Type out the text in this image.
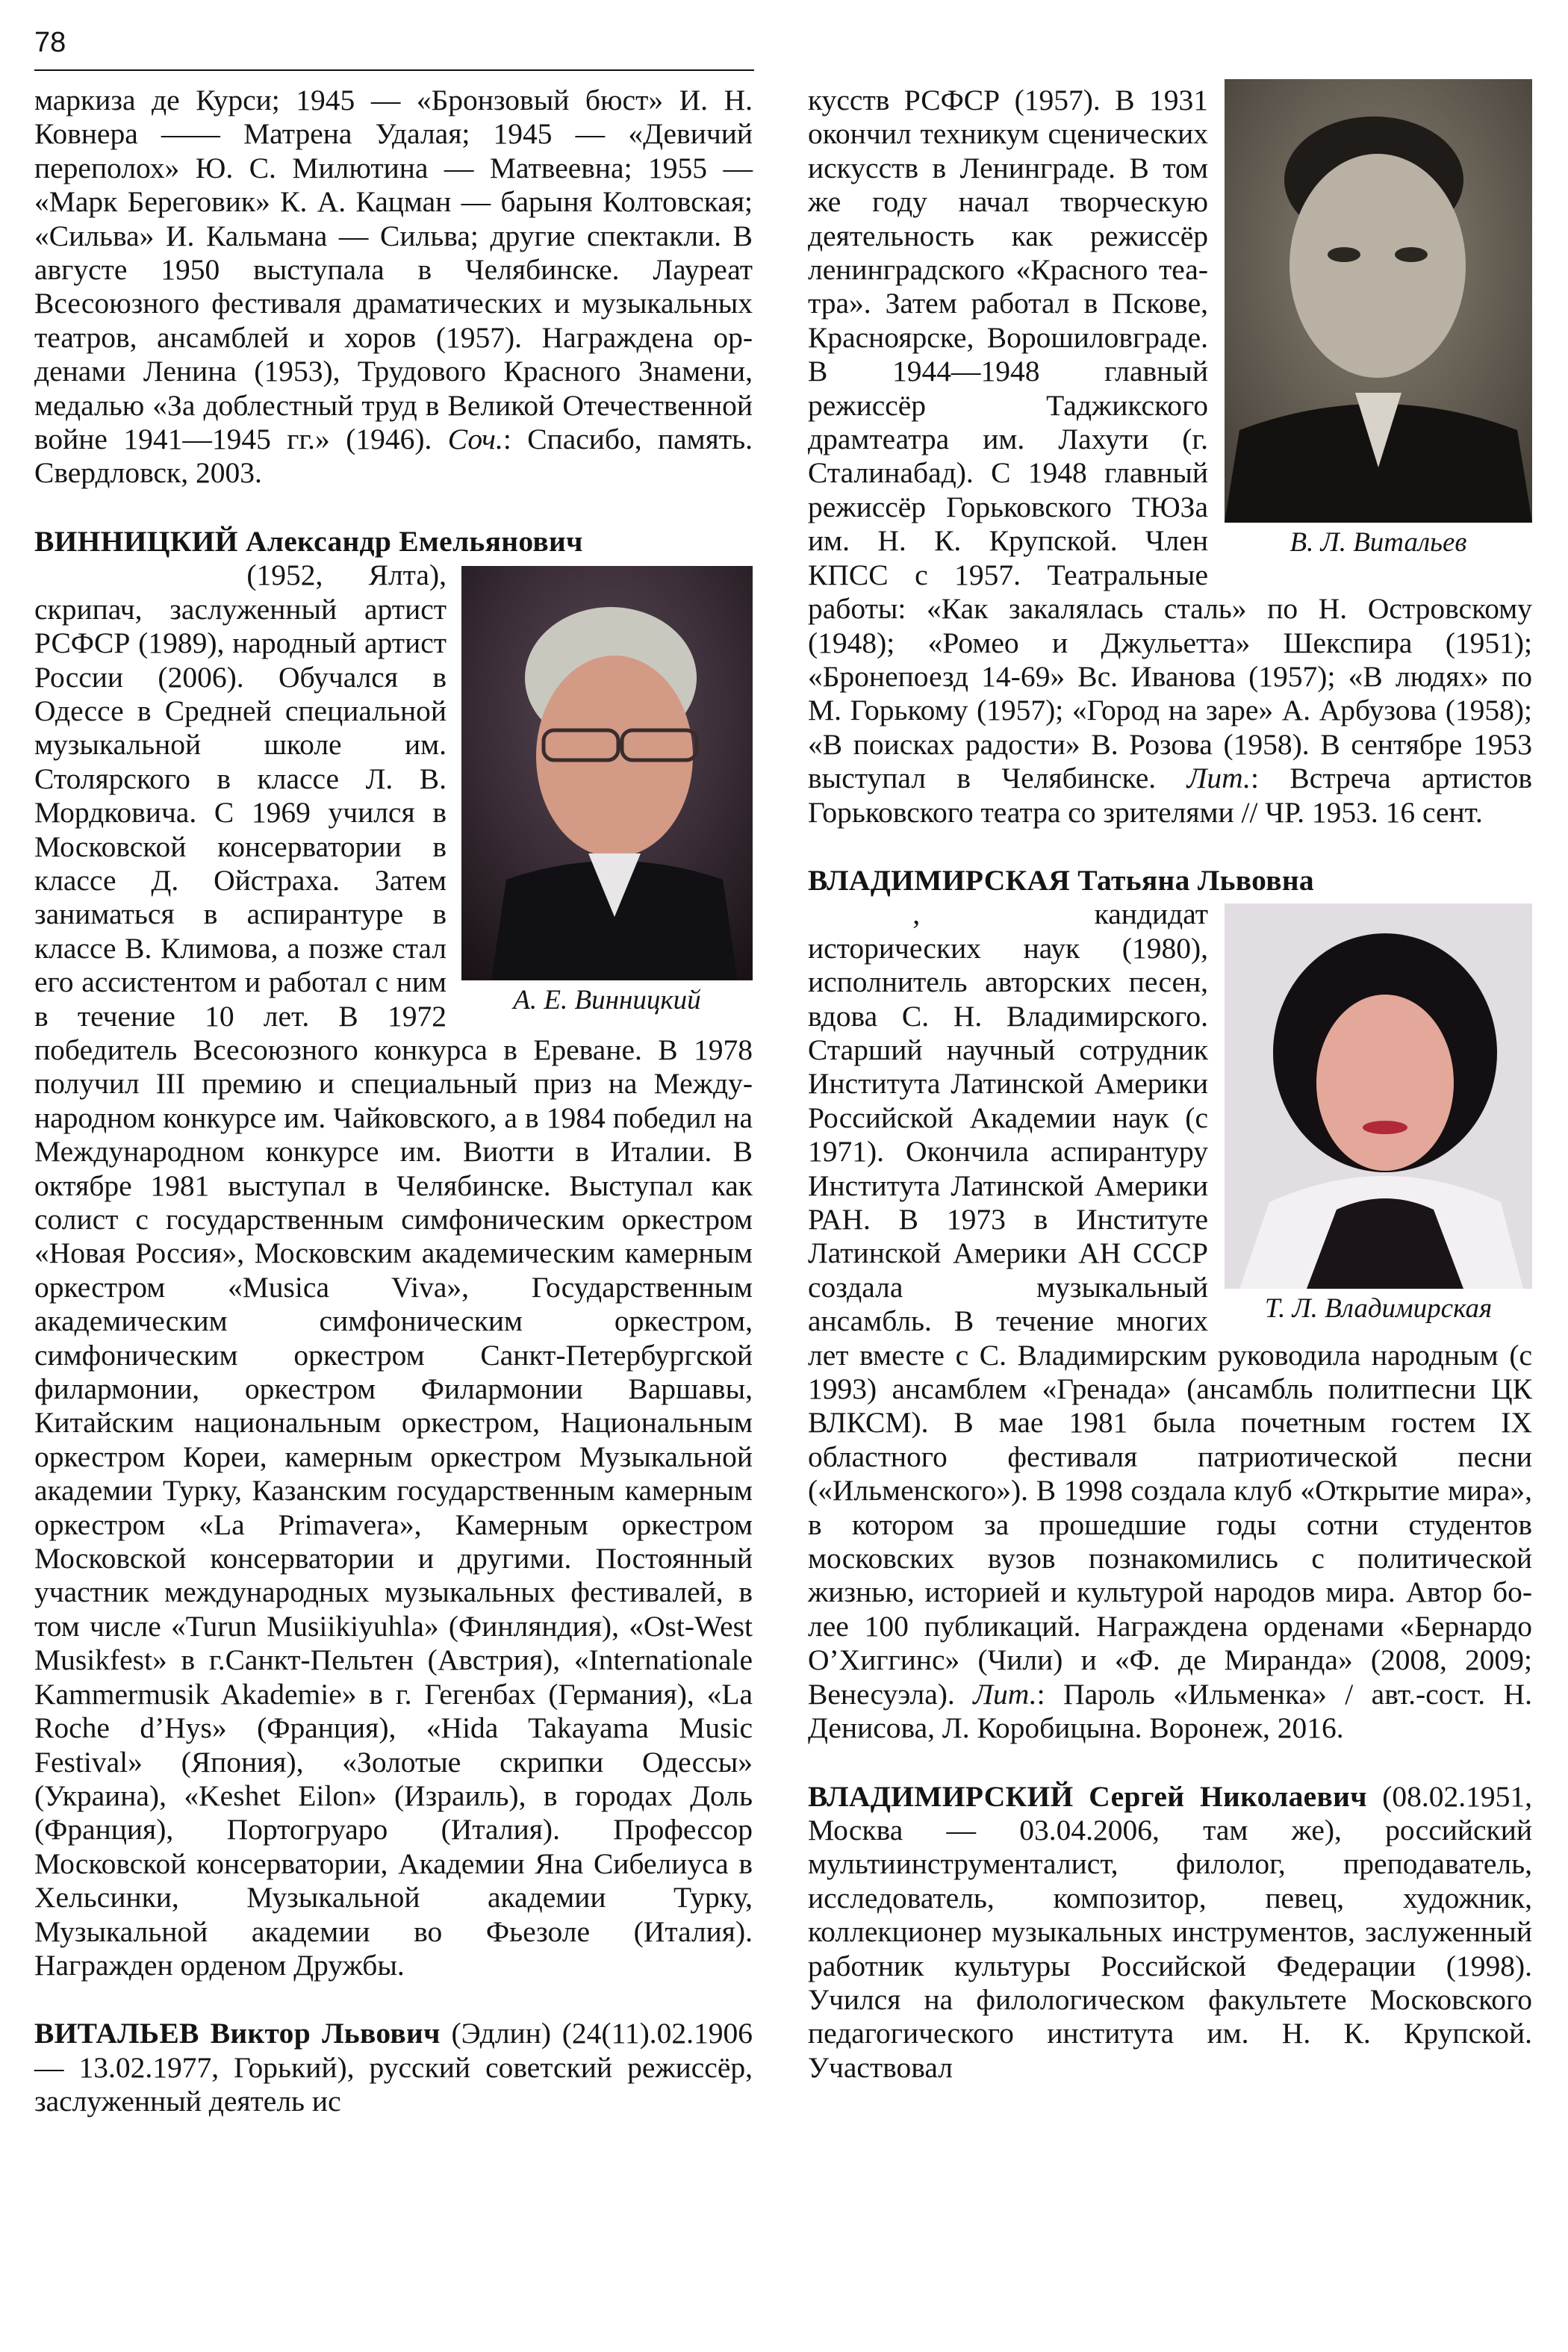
78

маркиза де Курси; 1945 — «Бронзовый бюст» И. Н. Ковнера —— Матрена Удалая; 1945 — «Девичий переполох» Ю. С. Милютина — Матвеевна; 1955 — «Марк Береговик» К. А. Кацман — барыня Колтовская; «Сильва» И. Кальмана — Сильва; другие спектакли. В августе 1950 выступала в Челябинске. Лауреат Всесоюзного фестиваля драматических и музыкальных театров, ансамблей и хоров (1957). Награждена орденами Ленина (1953), Трудового Красного Знамени, медалью «За доблестный труд в Великой Отечественной войне 1941—1945 гг.» (1946). Соч.: Спасибо, память. Свердловск, 2003.

ВИННИЦКИЙ Александр Емельянович

А. Е. Винницкий

(1952, Ялта), скрипач, заслуженный артист РСФСР (1989), народный артист России (2006). Обучался в Одессе в Средней специальной музыкальной школе им. Столярского в классе Л. В. Мордковича. С 1969 учился в Московской консерватории в классе Д. Ойстраха. Затем заниматься в аспирантуре в классе В. Климова, а позже стал его ассистентом и работал с ним в течение 10 лет. В 1972 победитель Всесоюзного конкурса в Ереване. В 1978 получил III премию и специальный приз на Международном конкурсе им. Чайковского, а в 1984 победил на Международном конкурсе им. Виотти в Италии. В октябре 1981 выступал в Челябинске. Выступал как солист с государственным симфоническим оркестром «Новая Россия», Московским академическим камерным оркестром «Musica Viva», Государственным академическим симфоническим оркестром, симфоническим оркестром Санкт-Петербургской филармонии, оркестром Филармонии Варшавы, Китайским национальным оркестром, Национальным оркестром Кореи, камерным оркестром Музыкальной академии Турку, Казанским государственным камерным оркестром «La Primavera», Камерным оркестром Московской консерватории и другими. Постоянный участник международных музыкальных фестивалей, в том числе «Turun Musiikiyuhla» (Финляндия), «Ost-West Musikfest» в г.Санкт-Пельтен (Австрия), «Internationale Kammermusik Akademie» в г. Гегенбах (Германия), «La Roche d’Hys» (Франция), «Hida Takayama Music Festival» (Япония), «Золотые скрипки Одессы» (Украина), «Keshet Eilon» (Израиль), в городах Доль (Франция), Портогруаро (Италия). Профессор Московской консерватории, Академии Яна Сибелиуса в Хельсинки, Музыкальной академии Турку, Музыкальной академии во Фьезоле (Италия). Награжден орденом Дружбы.

ВИТАЛЬЕВ Виктор Львович (Эдлин) (24(11).02.1906 — 13.02.1977, Горький), русский советский режиссёр, заслуженный деятель ис

В. Л. Витальев

кусств РСФСР (1957). В 1931 окончил техникум сценических искусств в Ленинграде. В том же году начал творческую деятельность как режиссёр ленинградского «Красного театра». Затем работал в Пскове, Красноярске, Ворошиловграде. В 1944—1948 главный режиссёр Таджикского драмтеатра им. Лахути (г. Сталинабад). С 1948 главный режиссёр Горьковского ТЮЗа им. Н. К. Крупской. Член КПСС с 1957. Театральные работы: «Как закалялась сталь» по Н. Островскому (1948); «Ромео и Джульетта» Шекспира (1951); «Бронепоезд 14-69» Вс. Иванова (1957); «В людях» по М. Горькому (1957); «Город на заре» А. Арбузова (1958); «В поисках радости» В. Розова (1958). В сентябре 1953 выступал в Челябинске. Лит.: Встреча артистов Горьковского театра со зрителями // ЧР. 1953. 16 сент.

ВЛАДИМИРСКАЯ Татьяна Львовна

Т. Л. Владимирская

, кандидат исторических наук (1980), исполнитель авторских песен, вдова С. Н. Владимирского. Старший научный сотрудник Института Латинской Америки Российской Академии наук (с 1971). Окончила аспирантуру Института Латинской Америки РАН. В 1973 в Институте Латинской Америки АН СССР создала музыкальный ансамбль. В течение многих лет вместе с С. Владимирским руководила народным (с 1993) ансамблем «Гренада» (ансамбль политпесни ЦК ВЛКСМ). В мае 1981 была почетным гостем IX областного фестиваля патриотической песни («Ильменского»). В 1998 создала клуб «Открытие мира», в котором за прошедшие годы сотни студентов московских вузов познакомились с политической жизнью, историей и культурой народов мира. Автор более 100 публикаций. Награждена орденами «Бернардо О’Хиггинс» (Чили) и «Ф. де Миранда» (2008, 2009; Венесуэла). Лит.: Пароль «Ильменка» / авт.-сост. Н. Денисова, Л. Коробицына. Воронеж, 2016.

ВЛАДИМИРСКИЙ Сергей Николаевич (08.02.1951, Москва — 03.04.2006, там же), российский мультиинструменталист, филолог, преподаватель, исследователь, композитор, певец, художник, коллекционер музыкальных инструментов, заслуженный работник культуры Российской Федерации (1998). Учился на филологическом факультете Московского педагогического института им. Н. К. Крупской. Участвовал
